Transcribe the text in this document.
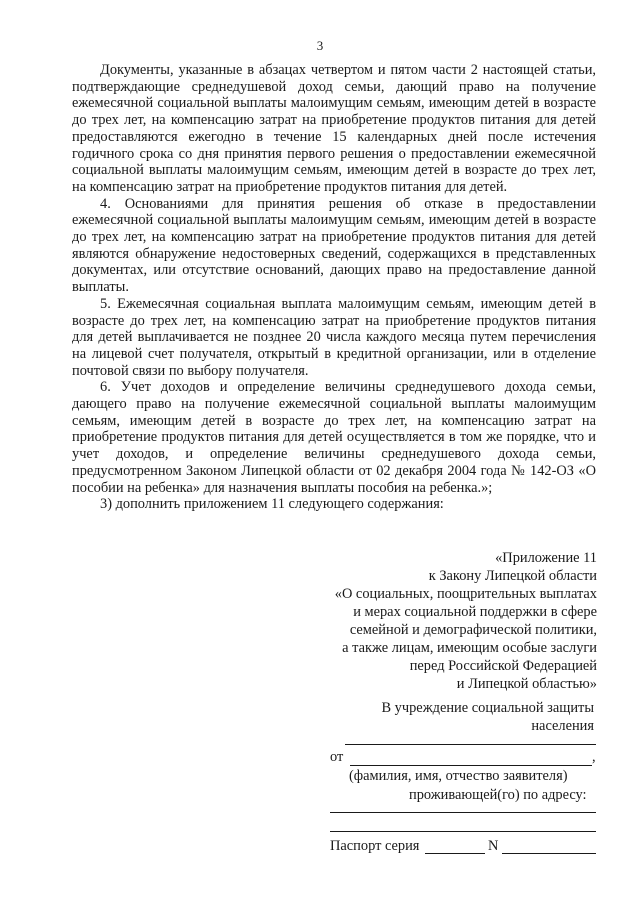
3

Документы, указанные в абзацах четвертом и пятом части 2 настоящей статьи, подтверждающие среднедушевой доход семьи, дающий право на получение ежемесячной социальной выплаты малоимущим семьям, имеющим детей в возрасте до трех лет, на компенсацию затрат на приобретение продуктов питания для детей предоставляются ежегодно в течение 15 календарных дней после истечения годичного срока со дня принятия первого решения о предоставлении ежемесячной социальной выплаты малоимущим семьям, имеющим детей в возрасте до трех лет, на компенсацию затрат на приобретение продуктов питания для детей.

4. Основаниями для принятия решения об отказе в предоставлении ежемесячной социальной выплаты малоимущим семьям, имеющим детей в возрасте до трех лет, на компенсацию затрат на приобретение продуктов питания для детей являются обнаружение недостоверных сведений, содержащихся в представленных документах, или отсутствие оснований, дающих право на предоставление данной выплаты.

5. Ежемесячная социальная выплата малоимущим семьям, имеющим детей в возрасте до трех лет, на компенсацию затрат на приобретение продуктов питания для детей выплачивается не позднее 20 числа каждого месяца путем перечисления на лицевой счет получателя, открытый в кредитной организации, или в отделение почтовой связи по выбору получателя.

6. Учет доходов и определение величины среднедушевого дохода семьи, дающего право на получение ежемесячной социальной выплаты малоимущим семьям, имеющим детей в возрасте до трех лет, на компенсацию затрат на приобретение продуктов питания для детей осуществляется в том же порядке, что и учет доходов, и определение величины среднедушевого дохода семьи, предусмотренном Законом Липецкой области от 02 декабря 2004 года № 142-ОЗ «О пособии на ребенка» для назначения выплаты пособия на ребенка.»;

3) дополнить приложением 11 следующего содержания:

«Приложение 11
к Закону Липецкой области
«О социальных, поощрительных выплатах
и мерах социальной поддержки в сфере
семейной и демографической политики,
а также лицам, имеющим особые заслуги
перед Российской Федерацией
и Липецкой областью»
В учреждение социальной защиты
населения
от	,
(фамилия, имя, отчество заявителя)
проживающей(го) по адресу:
Паспорт серия	N
